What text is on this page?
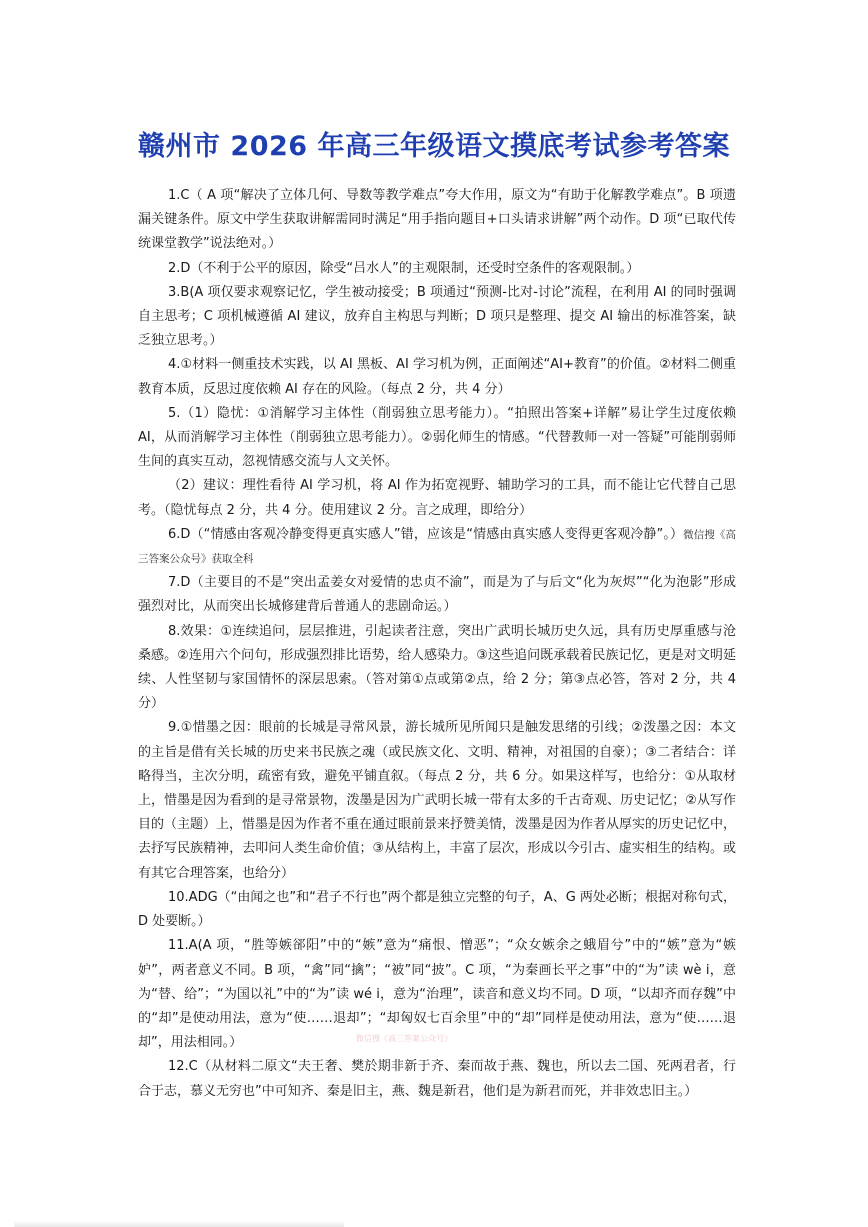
赣州市 2026 年高三年级语文摸底考试参考答案

1.C（ A 项“解决了立体几何、导数等教学难点”夸大作用，原文为“有助于化解教学难点”。B 项遗漏关键条件。原文中学生获取讲解需同时满足“用手指向题目+口头请求讲解”两个动作。D 项“已取代传统课堂教学”说法绝对。）

2.D（不利于公平的原因，除受“吕水人”的主观限制，还受时空条件的客观限制。）

3.B(A 项仅要求观察记忆，学生被动接受；B 项通过“预测-比对-讨论”流程，在利用 AI 的同时强调自主思考；C 项机械遵循 AI 建议，放弃自主构思与判断；D 项只是整理、提交 AI 输出的标准答案，缺乏独立思考。）

4.①材料一侧重技术实践，以 AI 黑板、AI 学习机为例，正面阐述“AI+教育”的价值。②材料二侧重教育本质，反思过度依赖 AI 存在的风险。（每点 2 分，共 4 分）

5.（1）隐忧：①消解学习主体性（削弱独立思考能力）。“拍照出答案+详解”易让学生过度依赖 AI，从而消解学习主体性（削弱独立思考能力）。②弱化师生的情感。“代替教师一对一答疑”可能削弱师生间的真实互动，忽视情感交流与人文关怀。

（2）建议：理性看待 AI 学习机，将 AI 作为拓宽视野、辅助学习的工具，而不能让它代替自己思考。（隐忧每点 2 分，共 4 分。使用建议 2 分。言之成理，即给分）

6.D（“情感由客观冷静变得更真实感人”错，应该是“情感由真实感人变得更客观冷静”。）微信搜《高三答案公众号》获取全科

7.D（主要目的不是“突出孟姜女对爱情的忠贞不渝”，而是为了与后文“化为灰烬”“化为泡影”形成强烈对比，从而突出长城修建背后普通人的悲剧命运。）

8.效果：①连续追问，层层推进，引起读者注意，突出广武明长城历史久远，具有历史厚重感与沧桑感。②连用六个问句，形成强烈排比语势，给人感染力。③这些追问既承载着民族记忆，更是对文明延续、人性坚韧与家国情怀的深层思索。（答对第①点或第②点，给 2 分；第③点必答，答对 2 分，共 4 分）

9.①惜墨之因：眼前的长城是寻常风景，游长城所见所闻只是触发思绪的引线；②泼墨之因：本文的主旨是借有关长城的历史来书民族之魂（或民族文化、文明、精神，对祖国的自豪）；③二者结合：详略得当，主次分明，疏密有致，避免平铺直叙。（每点 2 分，共 6 分。如果这样写，也给分：①从取材上，惜墨是因为看到的是寻常景物，泼墨是因为广武明长城一带有太多的千古奇观、历史记忆；②从写作目的（主题）上，惜墨是因为作者不重在通过眼前景来抒赞美情，泼墨是因为作者从厚实的历史记忆中，去抒写民族精神，去叩问人类生命价值；③从结构上，丰富了层次，形成以今引古、虚实相生的结构。或有其它合理答案，也给分）

10.ADG（“由闻之也”和“君子不行也”两个都是独立完整的句子，A、G 两处必断；根据对称句式，D 处要断。）

11.A(A 项，“胜等嫉郤阳”中的“嫉”意为“痛恨、憎恶”；“众女嫉余之蛾眉兮”中的“嫉”意为“嫉妒”，两者意义不同。B 项，“禽”同“擒”；“被”同“披”。C 项，“为秦画长平之事”中的“为”读 wè i，意为“替、给”；“为国以礼”中的“为”读 wé i，意为“治理”，读音和意义均不同。D 项，“以却齐而存魏”中的“却”是使动用法，意为“使……退却”；“却匈奴七百余里”中的“却”同样是使动用法，意为“使……退却”，用法相同。）

12.C（从材料二原文“夫王奢、樊於期非新于齐、秦而故于燕、魏也，所以去二国、死两君者，行合于志，慕义无穷也”中可知齐、秦是旧主，燕、魏是新君，他们是为新君而死，并非效忠旧主。）

微信搜《高三答案公众号》
